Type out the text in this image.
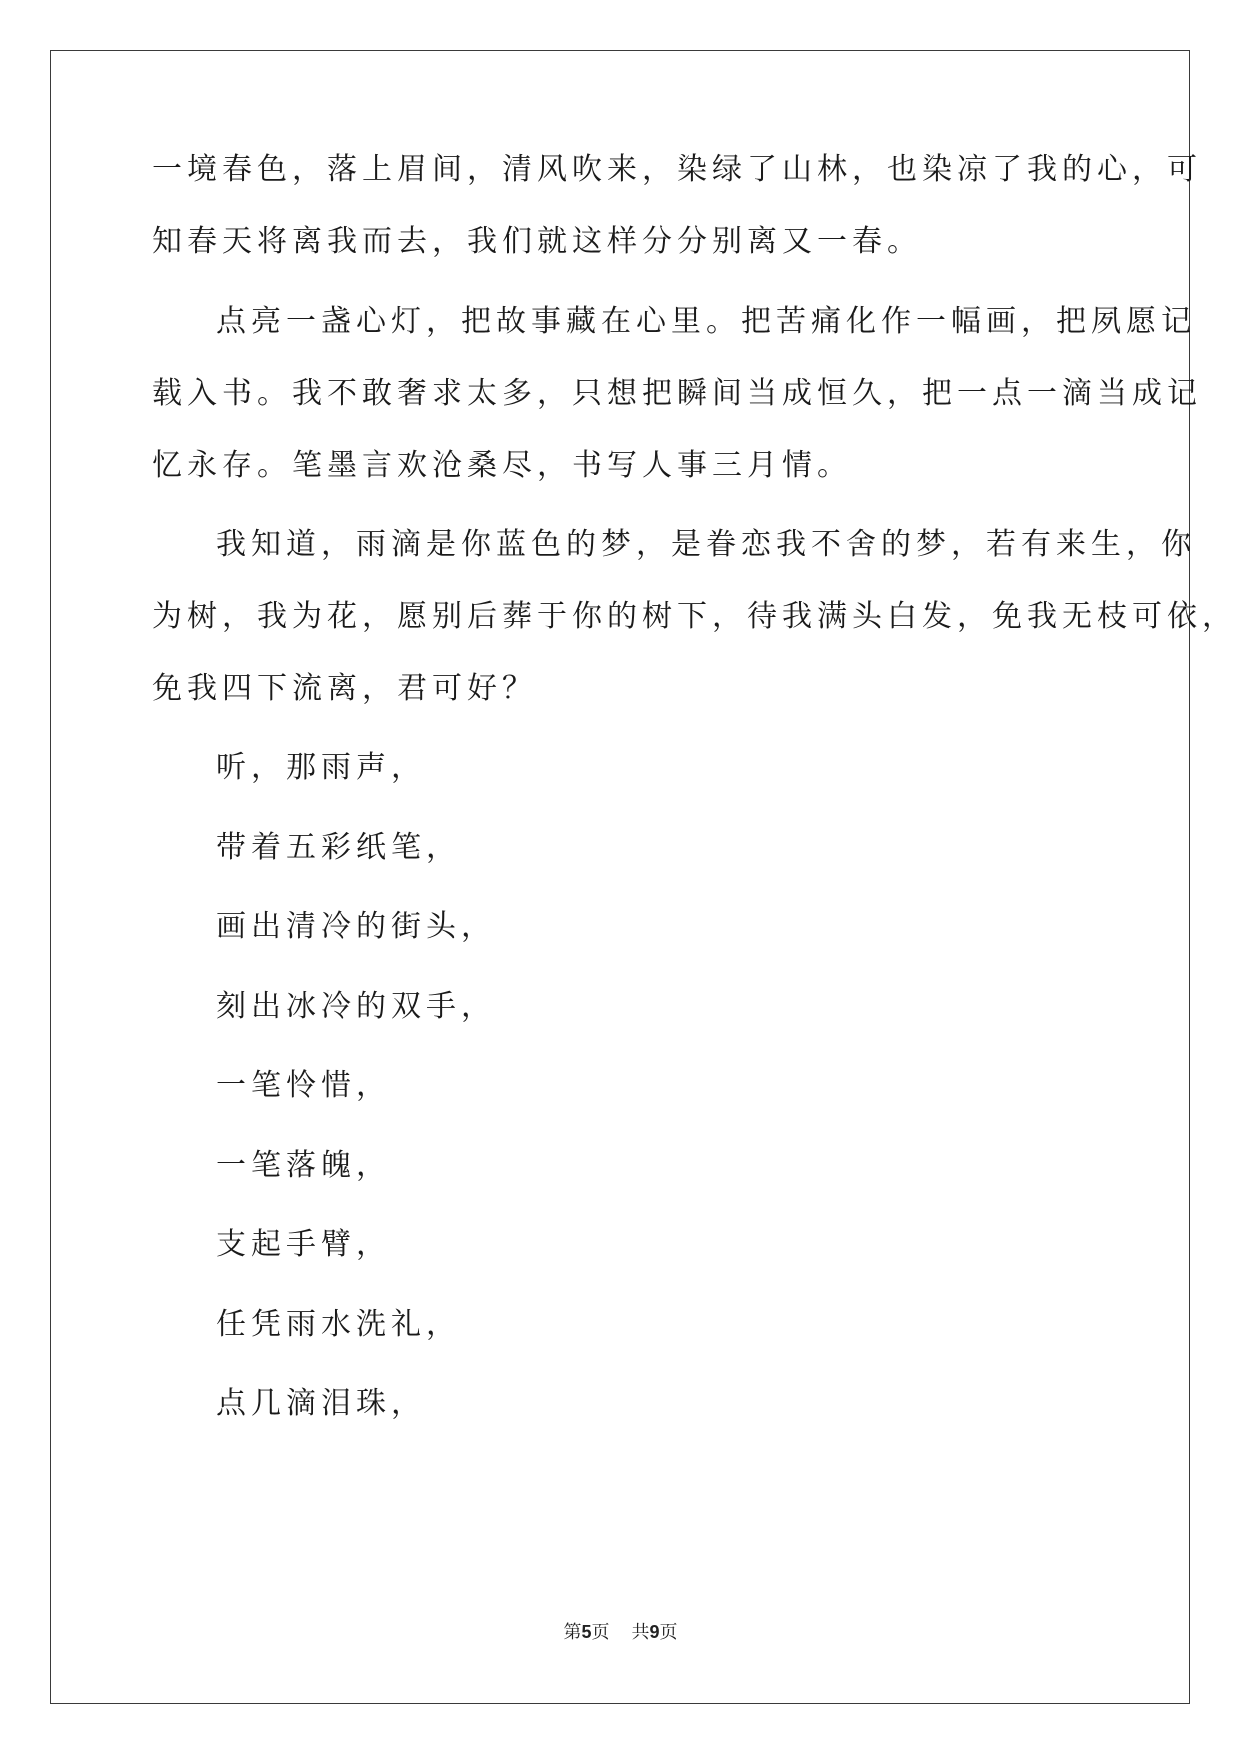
一境春色，落上眉间，清风吹来，染绿了山林，也染凉了我的心，可
知春天将离我而去，我们就这样分分别离又一春。
点亮一盏心灯，把故事藏在心里。把苦痛化作一幅画，把夙愿记
载入书。我不敢奢求太多，只想把瞬间当成恒久，把一点一滴当成记
忆永存。笔墨言欢沧桑尽，书写人事三月情。
我知道，雨滴是你蓝色的梦，是眷恋我不舍的梦，若有来生，你
为树，我为花，愿别后葬于你的树下，待我满头白发，免我无枝可依，
免我四下流离，君可好？
听，那雨声，
带着五彩纸笔，
画出清冷的街头，
刻出冰冷的双手，
一笔怜惜，
一笔落魄，
支起手臂，
任凭雨水洗礼，
点几滴泪珠，
第5页 共9页
